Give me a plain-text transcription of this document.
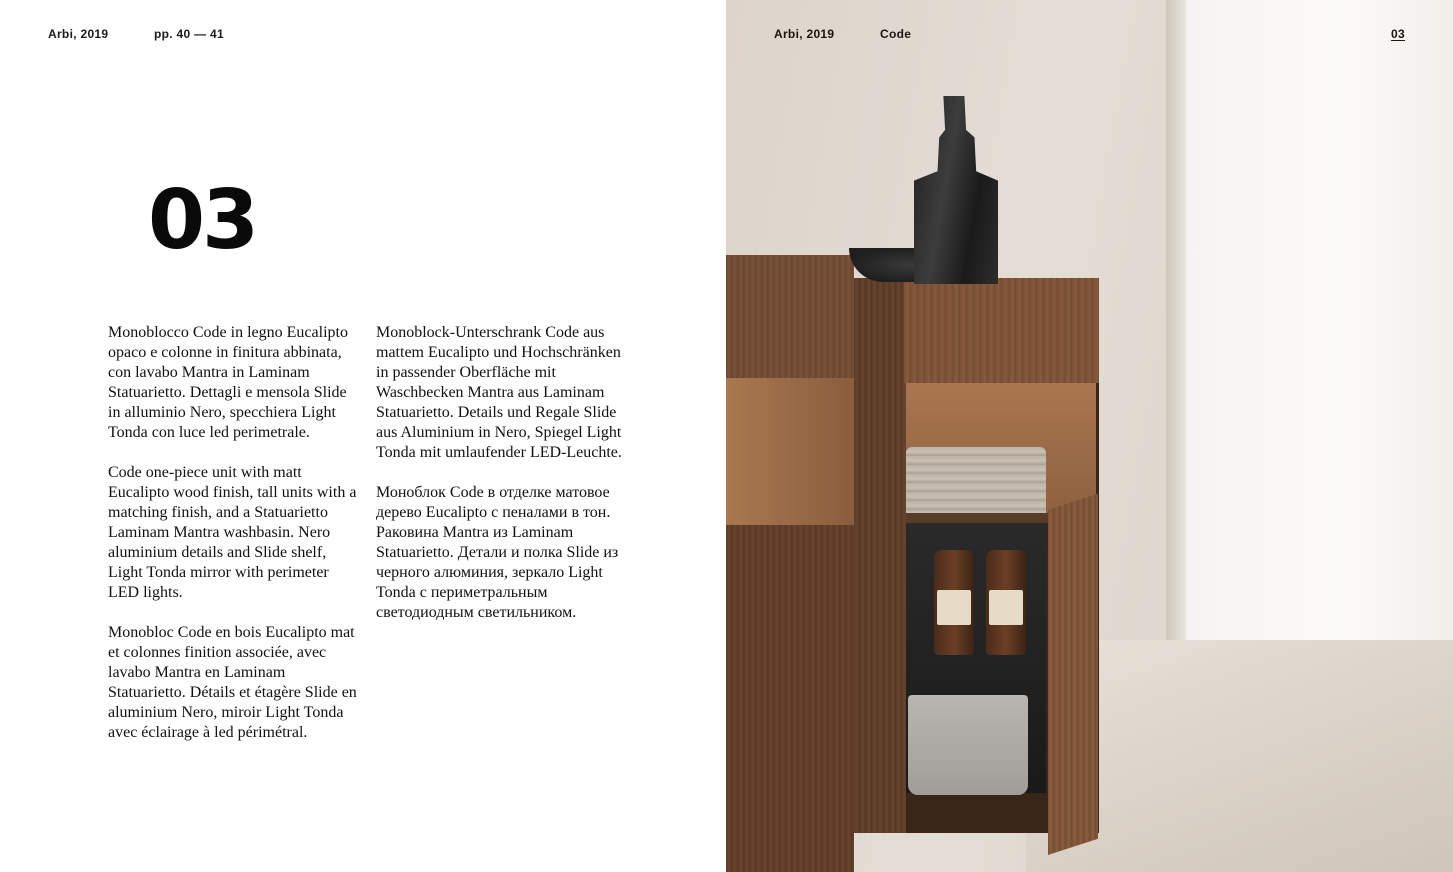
Arbi, 2019	pp. 40 — 41
03

Monoblocco Code in legno Eucalipto opaco e colonne in finitura abbinata, con lavabo Mantra in Laminam Statuarietto. Dettagli e mensola Slide in alluminio Nero, specchiera Light Tonda con luce led perimetrale.

Code one-piece unit with matt Eucalipto wood finish, tall units with a matching finish, and a Statuarietto Laminam Mantra washbasin. Nero aluminium details and Slide shelf, Light Tonda mirror with perimeter LED lights.

Monobloc Code en bois Eucalipto mat et colonnes finition associée, avec lavabo Mantra en Laminam Statuarietto. Détails et étagère Slide en aluminium Nero, miroir Light Tonda avec éclairage à led périmétral.

Monoblock-Unterschrank Code aus mattem Eucalipto und Hochschränken in passender Oberfläche mit Waschbecken Mantra aus Laminam Statuarietto. Details und Regale Slide aus Aluminium in Nero, Spiegel Light Tonda mit umlaufender LED-Leuchte.

Моноблок Code в отделке матовое дерево Eucalipto с пеналами в тон. Раковина Mantra из Laminam Statuarietto. Детали и полка Slide из черного алюминия, зеркало Light Tonda с периметральным светодиодным светильником.

Arbi, 2019	Code	03
